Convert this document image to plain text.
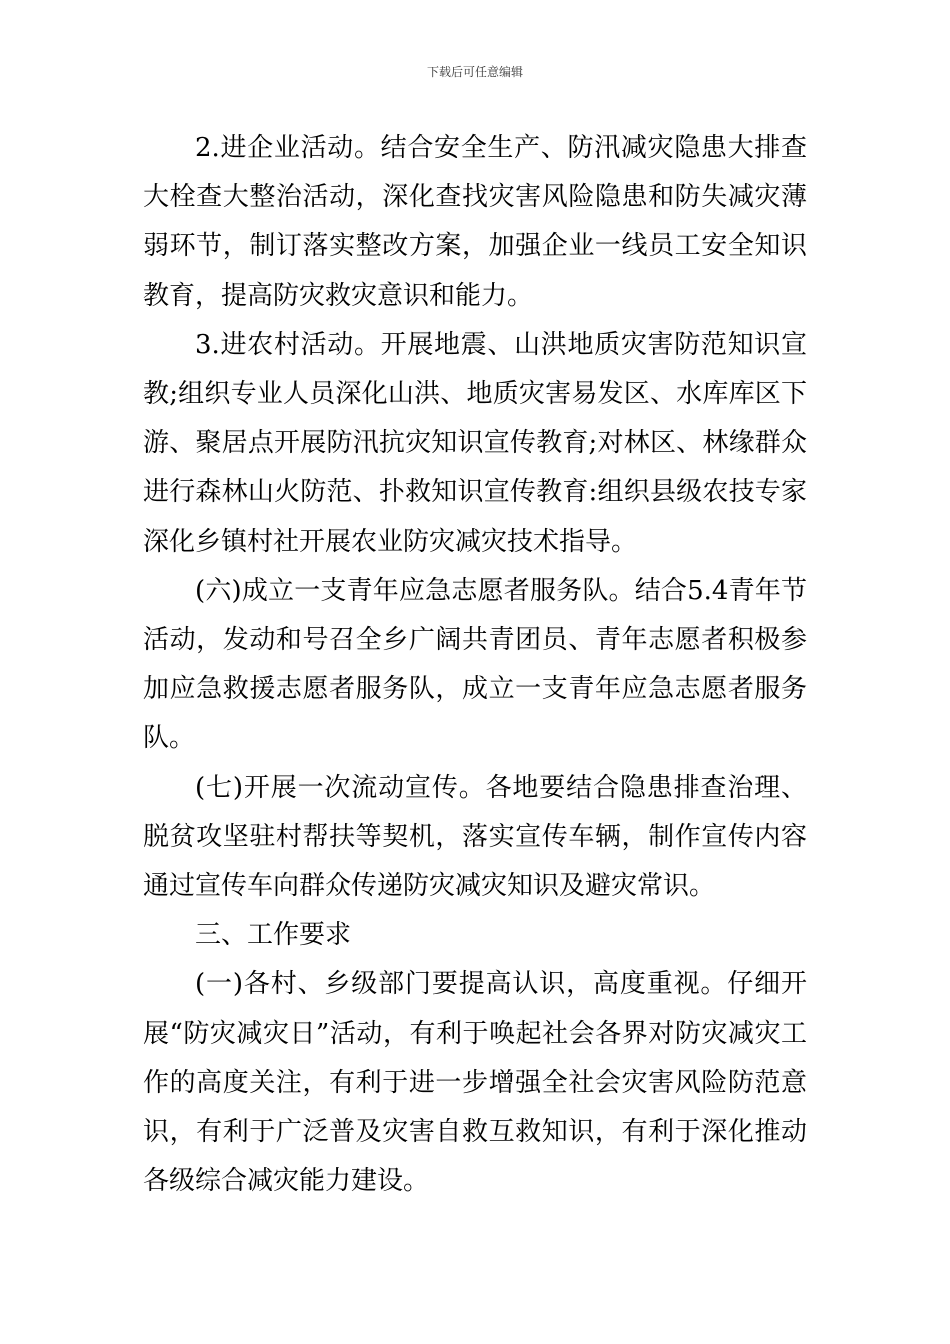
下载后可任意编辑

2.进企业活动。结合安全生产、防汛减灾隐患大排查大栓查大整治活动，深化查找灾害风险隐患和防失减灾薄弱环节，制订落实整改方案，加强企业一线员工安全知识教育，提高防灾救灾意识和能力。

3.进农村活动。开展地震、山洪地质灾害防范知识宣教;组织专业人员深化山洪、地质灾害易发区、水库库区下游、聚居点开展防汛抗灾知识宣传教育;对林区、林缘群众进行森林山火防范、扑救知识宣传教育:组织县级农技专家深化乡镇村社开展农业防灾减灾技术指导。

(六)成立一支青年应急志愿者服务队。结合5.4青年节活动，发动和号召全乡广阔共青团员、青年志愿者积极参加应急救援志愿者服务队，成立一支青年应急志愿者服务队。

(七)开展一次流动宣传。各地要结合隐患排查治理、脱贫攻坚驻村帮扶等契机，落实宣传车辆，制作宣传内容通过宣传车向群众传递防灾减灾知识及避灾常识。

三、工作要求

(一)各村、乡级部门要提高认识，高度重视。仔细开展“防灾减灾日”活动，有利于唤起社会各界对防灾减灾工作的高度关注，有利于进一步增强全社会灾害风险防范意识，有利于广泛普及灾害自救互救知识，有利于深化推动各级综合减灾能力建设。
